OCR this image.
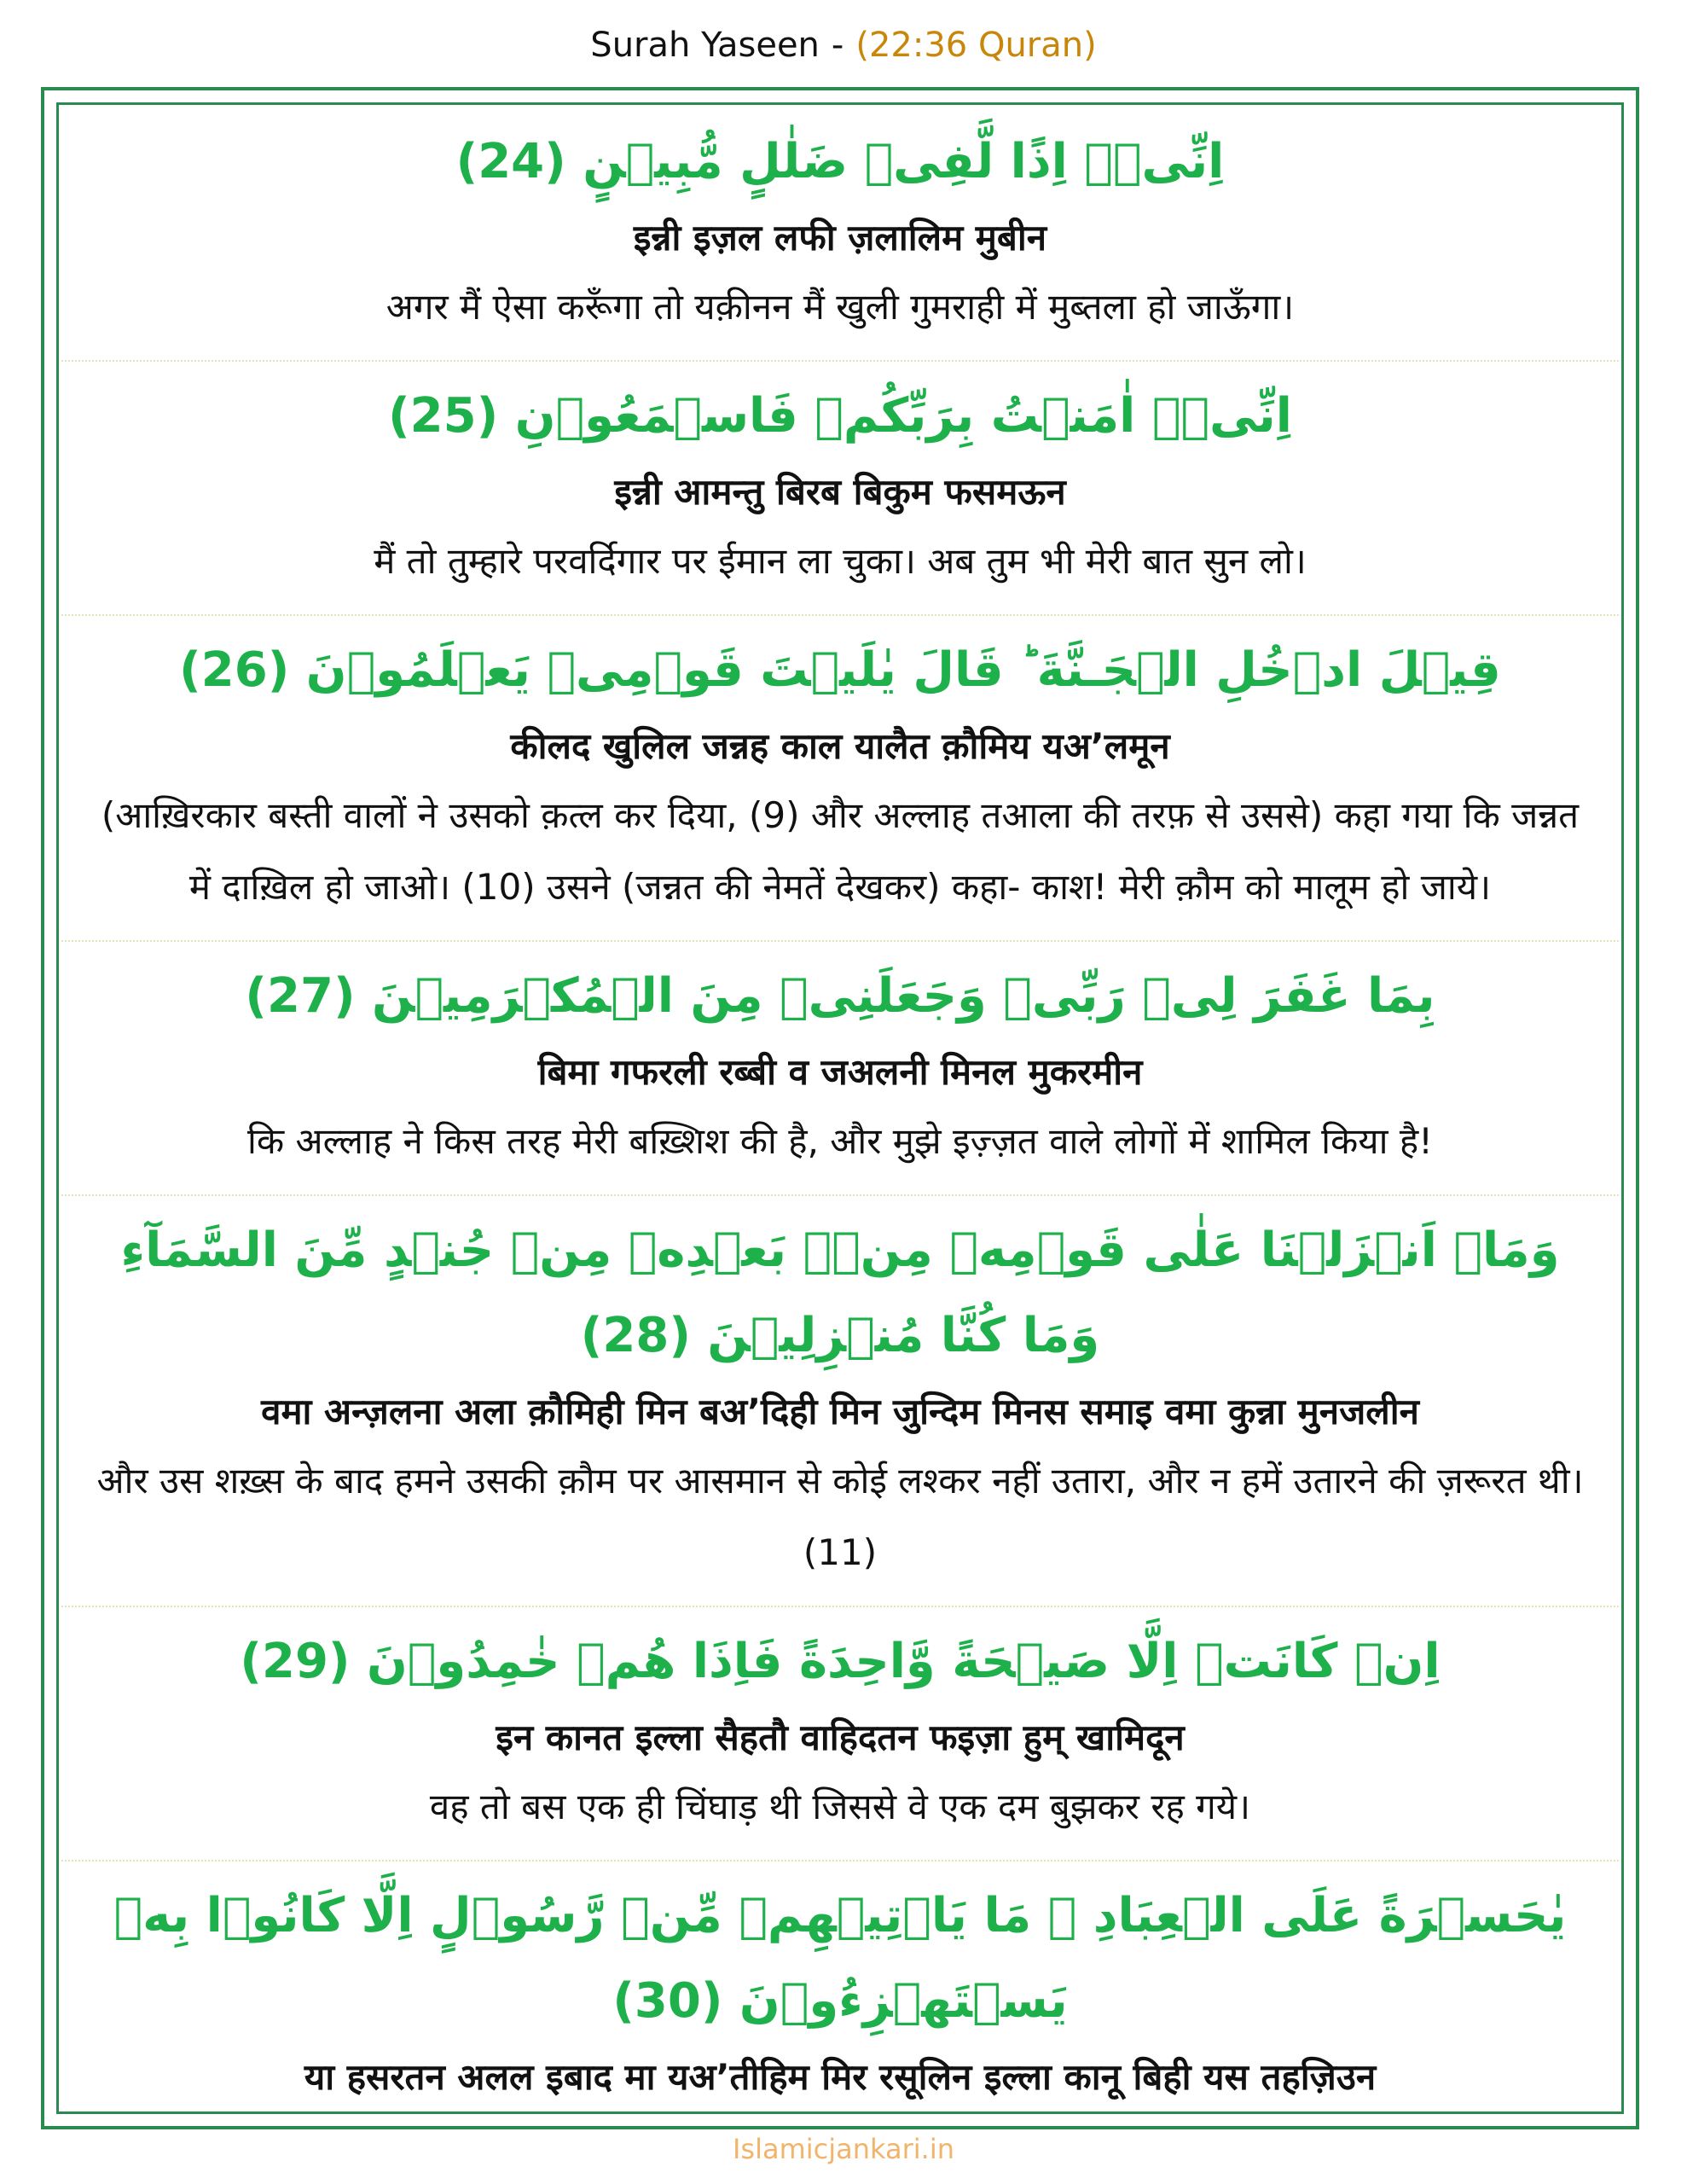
Surah Yaseen - (22:36 Quran)
اِنِّىۡۤ اِذًا لَّفِىۡ ضَلٰلٍ مُّبِيۡنٍ (24)
इन्नी इज़ल लफी ज़लालिम मुबीन
अगर मैं ऐसा करूँगा तो यक़ीनन मैं खुली गुमराही में मुब्तला हो जाऊँगा।
اِنِّىۡۤ اٰمَنۡتُ بِرَبِّكُمۡ فَاسۡمَعُوۡنِ (25)
इन्नी आमन्तु बिरब बिकुम फसमऊन
मैं तो तुम्हारे परवर्दिगार पर ईमान ला चुका। अब तुम भी मेरी बात सुन लो।
قِيۡلَ ادۡخُلِ الۡجَـنَّةَ ‌ؕ قَالَ يٰلَيۡتَ قَوۡمِىۡ يَعۡلَمُوۡنَ (26)
कीलद खुलिल जन्नह काल यालैत क़ौमिय यअ’लमून
(आख़िरकार बस्ती वालों ने उसको क़त्ल कर दिया, (9) और अल्लाह तआला की तरफ़ से उससे) कहा गया कि जन्नत में दाख़िल हो जाओ। (10) उसने (जन्नत की नेमतें देखकर) कहा- काश! मेरी क़ौम को मालूम हो जाये।
بِمَا غَفَرَ لِىۡ رَبِّىۡ وَجَعَلَنِىۡ مِنَ الۡمُكۡرَمِيۡنَ (27)
बिमा गफरली रब्बी व जअलनी मिनल मुकरमीन
कि अल्लाह ने किस तरह मेरी बख़्शिश की है, और मुझे इज़्ज़त वाले लोगों में शामिल किया है!
وَمَاۤ اَنۡزَلۡنَا عَلٰى قَوۡمِهٖ مِنۡۢ بَعۡدِهٖ مِنۡ جُنۡدٍ مِّنَ السَّمَآءِ وَمَا كُنَّا مُنۡزِلِيۡنَ (28)
वमा अन्ज़लना अला क़ौमिही मिन बअ’दिही मिन जुन्दिम मिनस समाइ वमा कुन्ना मुनजलीन
और उस शख़्स के बाद हमने उसकी क़ौम पर आसमान से कोई लश्कर नहीं उतारा, और न हमें उतारने की ज़रूरत थी। (11)
اِنۡ كَانَتۡ اِلَّا صَيۡحَةً وَّاحِدَةً فَاِذَا هُمۡ خٰمِدُوۡنَ (29)
इन कानत इल्ला सैहतौ वाहिदतन फइज़ा हुम् खामिदून
वह तो बस एक ही चिंघाड़ थी जिससे वे एक दम बुझकर रह गये।
يٰحَسۡرَةً عَلَى الۡعِبَادِ‌ ۚ مَا يَاۡتِيۡهِمۡ مِّنۡ رَّسُوۡلٍ اِلَّا كَانُوۡا بِهٖ يَسۡتَهۡزِءُوۡنَ (30)
या हसरतन अलल इबाद मा यअ’तीहिम मिर रसूलिन इल्ला कानू बिही यस तहज़िउन
Islamicjankari.in
